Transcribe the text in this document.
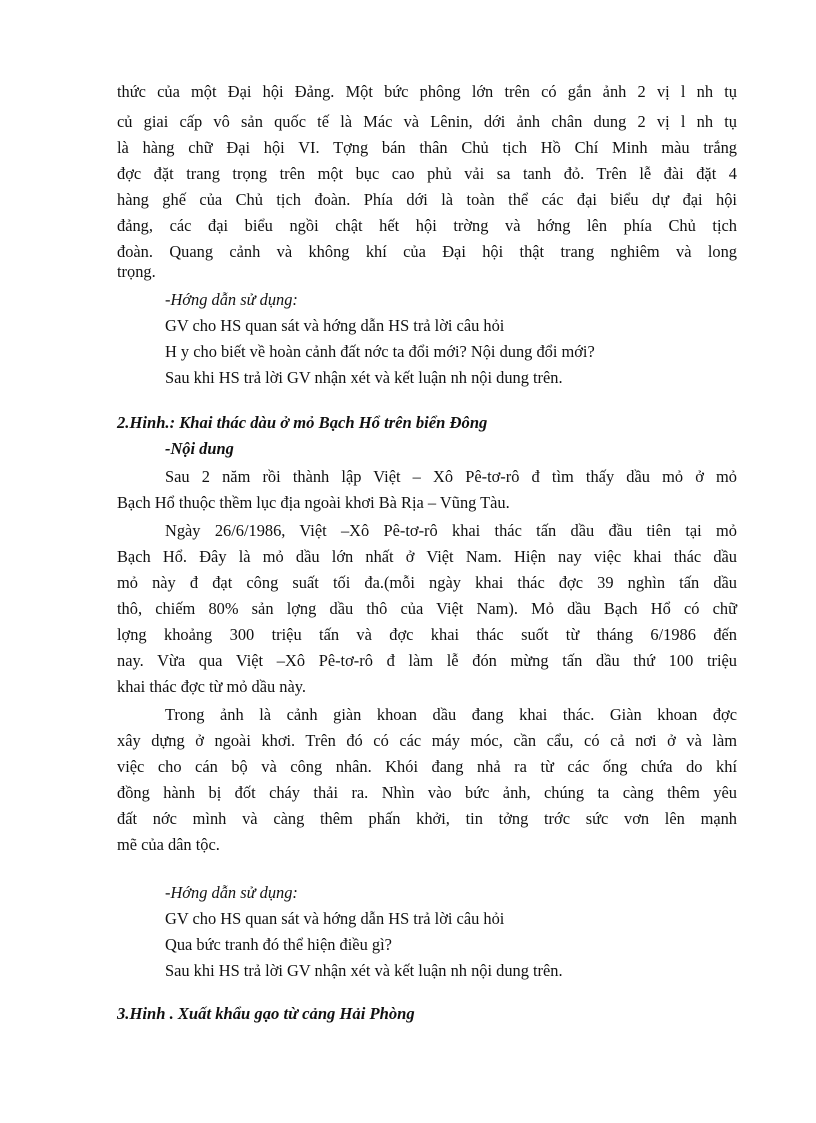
thức của một Đại hội Đảng. Một bức phông lớn trên có gắn ảnh 2 vị l nh tụ
củ giai cấp vô sản quốc tế là Mác và Lênin, dới ảnh chân dung 2 vị l nh tụ
là hàng chữ Đại hội VI. Tợng bán thân Chủ tịch Hồ Chí Minh màu trắng
đợc đặt trang trọng trên một bục cao phủ vải sa tanh đỏ. Trên lễ đài đặt 4
hàng ghế của Chủ tịch đoàn. Phía dới là toàn thể các đại biểu dự đại hội
đảng, các đại biểu ngồi chật hết hội trờng và hớng lên phía Chủ tịch
đoàn. Quang cảnh và không khí của Đại hội thật trang nghiêm và long
trọng.
-Hớng dẫn sử dụng:
GV cho HS quan sát và hớng dẫn HS trả lời câu hỏi
H y cho biết về hoàn cảnh đất nớc ta đổi mới? Nội dung đổi mới?
Sau khi HS trả lời GV nhận xét và kết luận nh nội dung trên.
2.Hinh.: Khai thác dàu ở mỏ Bạch Hổ trên biển Đông
-Nội dung
Sau 2 năm rồi thành lập Việt – Xô Pê-tơ-rô đ tìm thấy dầu mỏ ở mỏ
Bạch Hổ thuộc thềm lục địa ngoài khơi Bà Rịa – Vũng Tàu.
Ngày 26/6/1986, Việt –Xô Pê-tơ-rô khai thác tấn dầu đầu tiên tại mỏ
Bạch Hổ. Đây là mỏ dầu lớn nhất ở Việt Nam. Hiện nay việc khai thác dầu
mỏ này đ đạt công suất tối đa.(mỗi ngày khai thác đợc 39 nghìn tấn dầu
thô, chiếm 80% sản lợng dầu thô của Việt Nam). Mỏ dầu Bạch Hổ có chữ
lợng khoảng 300 triệu tấn và đợc khai thác suốt từ tháng 6/1986 đến
nay. Vừa qua Việt –Xô Pê-tơ-rô đ làm lễ đón mừng tấn dầu thứ 100 triệu
khai thác đợc từ mỏ dầu này.
Trong ảnh là cảnh giàn khoan dầu đang khai thác. Giàn khoan đợc
xây dựng ở ngoài khơi. Trên đó có các máy móc, cần cẩu, có cả nơi ở và làm
việc cho cán bộ và công nhân. Khói đang nhả ra từ các ống chứa do khí
đồng hành bị đốt cháy thải ra. Nhìn vào bức ảnh, chúng ta càng thêm yêu
đất nớc mình và càng thêm phấn khởi, tin tởng trớc sức vơn lên mạnh
mẽ của dân tộc.
-Hớng dẫn sử dụng:
GV cho HS quan sát và hớng dẫn HS trả lời câu hỏi
Qua bức tranh đó thể hiện điều gì?
Sau khi HS trả lời GV nhận xét và kết luận nh nội dung trên.
3.Hinh . Xuất khẩu gạo từ cảng Hải Phòng
